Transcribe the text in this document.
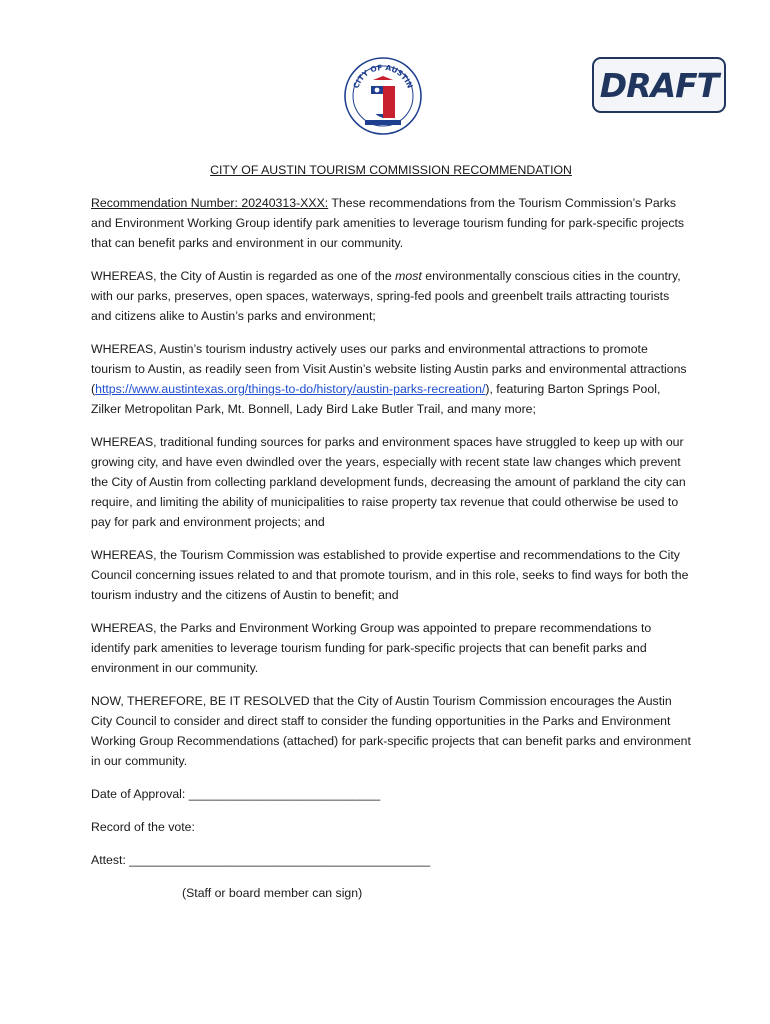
CITY OF AUSTIN	DRAFT

CITY OF AUSTIN TOURISM COMMISSION RECOMMENDATION

Recommendation Number: 20240313-XXX: These recommendations from the Tourism Commission’s Parks and Environment Working Group identify park amenities to leverage tourism funding for park-specific projects that can benefit parks and environment in our community.

WHEREAS, the City of Austin is regarded as one of the most environmentally conscious cities in the country, with our parks, preserves, open spaces, waterways, spring-fed pools and greenbelt trails attracting tourists and citizens alike to Austin’s parks and environment;

WHEREAS, Austin’s tourism industry actively uses our parks and environmental attractions to promote tourism to Austin, as readily seen from Visit Austin’s website listing Austin parks and environmental attractions (https://www.austintexas.org/things-to-do/history/austin-parks-recreation/), featuring Barton Springs Pool, Zilker Metropolitan Park, Mt. Bonnell, Lady Bird Lake Butler Trail, and many more;

WHEREAS, traditional funding sources for parks and environment spaces have struggled to keep up with our growing city, and have even dwindled over the years, especially with recent state law changes which prevent the City of Austin from collecting parkland development funds, decreasing the amount of parkland the city can require, and limiting the ability of municipalities to raise property tax revenue that could otherwise be used to pay for park and environment projects; and

WHEREAS, the Tourism Commission was established to provide expertise and recommendations to the City Council concerning issues related to and that promote tourism, and in this role, seeks to find ways for both the tourism industry and the citizens of Austin to benefit; and

WHEREAS, the Parks and Environment Working Group was appointed to prepare recommendations to identify park amenities to leverage tourism funding for park-specific projects that can benefit parks and environment in our community.

NOW, THEREFORE, BE IT RESOLVED that the City of Austin Tourism Commission encourages the Austin City Council to consider and direct staff to consider the funding opportunities in the Parks and Environment Working Group Recommendations (attached) for park-specific projects that can benefit parks and environment in our community.

Date of Approval: ____________________________

Record of the vote:

Attest: ____________________________________________

(Staff or board member can sign)
